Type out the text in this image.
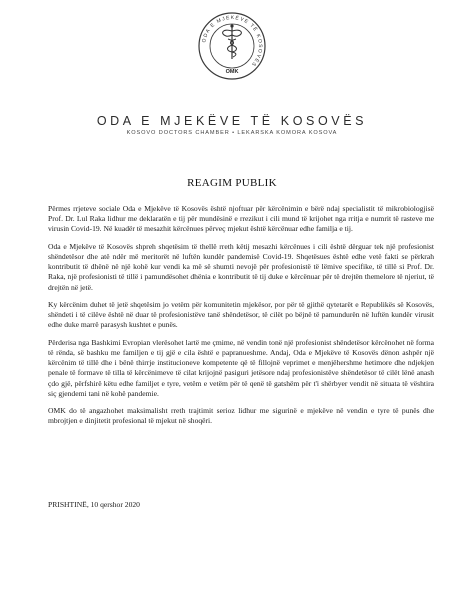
ODA E MJEKËVE TË KOSOVËS
OMK
ODA E MJEKËVE TË KOSOVËS
KOSOVO DOCTORS CHAMBER • LEKARSKA KOMORA KOSOVA
REAGIM PUBLIK

Përmes rrjeteve sociale Oda e Mjekëve të Kosovës është njoftuar për kërcënimin e bërë ndaj specialistit të mikrobiologjisë Prof. Dr. Lul Raka lidhur me deklaratën e tij për mundësinë e rrezikut i cili mund të krijohet nga rritja e numrit të rasteve me virusin Covid-19. Në kuadër të mesazhit kërcënues përveç mjekut është kërcënuar edhe familja e tij.

Oda e Mjekëve të Kosovës shpreh shqetësim të thellë rreth këtij mesazhi kërcënues i cili është dërguar tek një profesionist shëndetësor dhe atë ndër më meritorët në luftën kundër pandemisë Covid-19. Shqetësues është edhe vetë fakti se përkrah kontributit të dhënë në një kohë kur vendi ka më së shumti nevojë për profesionistë të lëmive specifike, të tillë si Prof. Dr. Raka, një profesionisti të tillë i pamundësohet dhënia e kontributit të tij duke e kërcënuar për të drejtën themelore të njeriut, të drejtën në jetë.

Ky kërcënim duhet të jetë shqetësim jo vetëm për komunitetin mjekësor, por për të gjithë qytetarët e Republikës së Kosovës, shëndeti i të cilëve është në duar të profesionistëve tanë shëndetësor, të cilët po bëjnë të pamundurën në luftën kundër virusit edhe duke marrë parasysh kushtet e punës.

Përderisa nga Bashkimi Evropian vlerësohet lartë me çmime, në vendin tonë një profesionist shëndetësor kërcënohet në forma të rënda, së bashku me familjen e tij gjë e cila është e papranueshme. Andaj, Oda e Mjekëve të Kosovës dënon ashpër një kërcënim të tillë dhe i bënë thirrje institucioneve kompetente që të fillojnë veprimet e menjëhershme hetimore dhe ndjekjen penale të formave të tilla të kërcënimeve të cilat krijojnë pasiguri jetësore ndaj profesionistëve shëndetësor të cilët lënë anash çdo gjë, përfshirë këtu edhe familjet e tyre, vetëm e vetëm për të qenë të gatshëm për t'i shërbyer vendit në situata të vështira siç gjendemi tani në kohë pandemie.

OMK do të angazhohet maksimalisht rreth trajtimit serioz lidhur me sigurinë e mjekëve në vendin e tyre të punës dhe mbrojtjen e dinjitetit profesional të mjekut në shoqëri.

PRISHTINË, 10 qershor 2020
